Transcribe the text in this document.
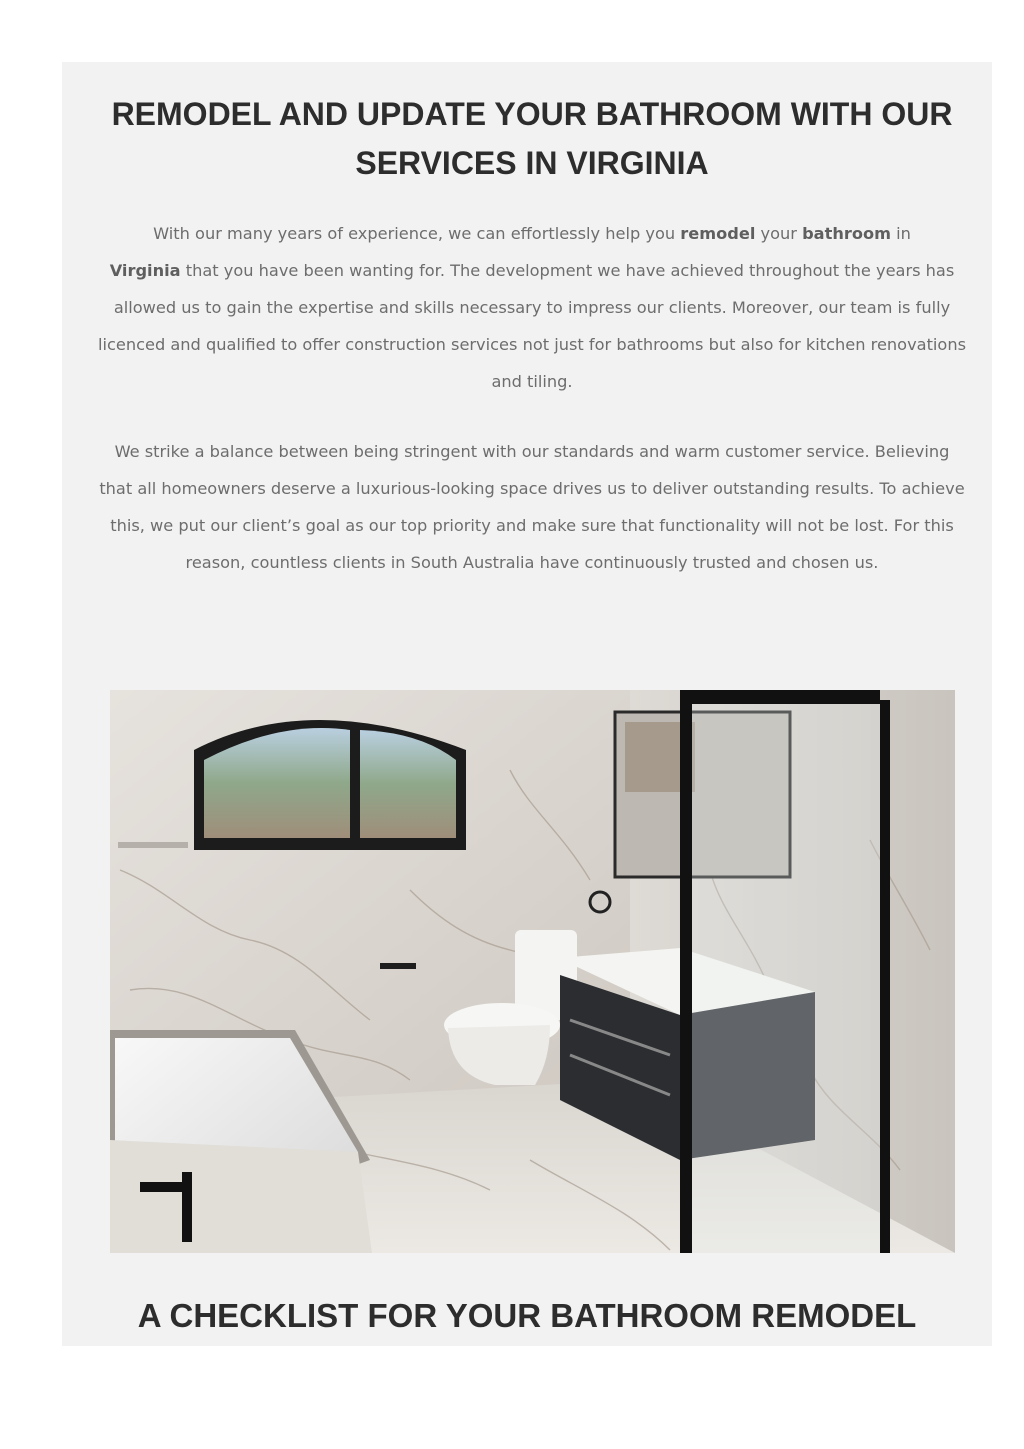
REMODEL AND UPDATE YOUR BATHROOM WITH OUR SERVICES IN VIRGINIA

With our many years of experience, we can effortlessly help you remodel your bathroom in
Virginia that you have been wanting for. The development we have achieved throughout the years has allowed us to gain the expertise and skills necessary to impress our clients. Moreover, our team is fully licenced and qualified to offer construction services not just for bathrooms but also for kitchen renovations and tiling.

We strike a balance between being stringent with our standards and warm customer service. Believing that all homeowners deserve a luxurious-looking space drives us to deliver outstanding results. To achieve this, we put our client’s goal as our top priority and make sure that functionality will not be lost. For this reason, countless clients in South Australia have continuously trusted and chosen us.

A CHECKLIST FOR YOUR BATHROOM REMODEL
